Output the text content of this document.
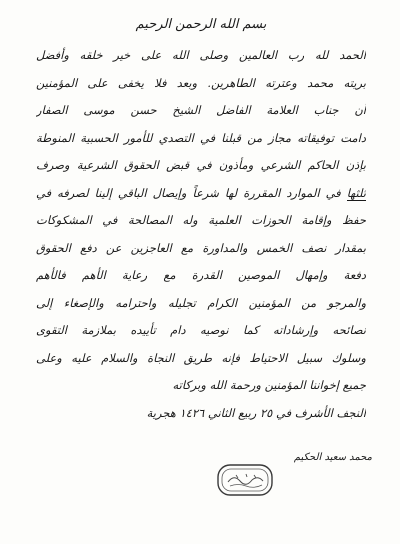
بسم الله الرحمن الرحيم
الحمد لله رب العالمين وصلى الله على خير خلقه وأفضل
بريته محمد وعترته الطاهرين. وبعد فلا يخفى على المؤمنين
أن جناب العلامة الفاضل الشيخ حسن موسى الصفار
دامت توفيقاته مجاز من قبلنا في التصدي للأمور الحسبية المنوطة
بإذن الحاكم الشرعي ومأذون في قبض الحقوق الشرعية وصرف
ثلثها في الموارد المقررة لها شرعاً وإيصال الباقي إلينا لصرفه في
حفظ وإقامة الحوزات العلمية وله المصالحة في المشكوكات
بمقدار نصف الخمس والمداورة مع العاجزين عن دفع الحقوق
دفعة وإمهال الموصين القدرة مع رعاية الأهم فالأهم
والمرجو من المؤمنين الكرام تجليله واحترامه والإصغاء إلى
نصائحه وإرشاداته كما نوصيه دام تأييده بملازمة التقوى
وسلوك سبيل الاحتياط فإنه طريق النجاة والسلام عليه وعلى
جميع إخواننا المؤمنين ورحمة الله وبركاته
النجف الأشرف في ٢٥ ربيع الثاني ١٤٢٦ هجرية
محمد سعيد الحكيم
